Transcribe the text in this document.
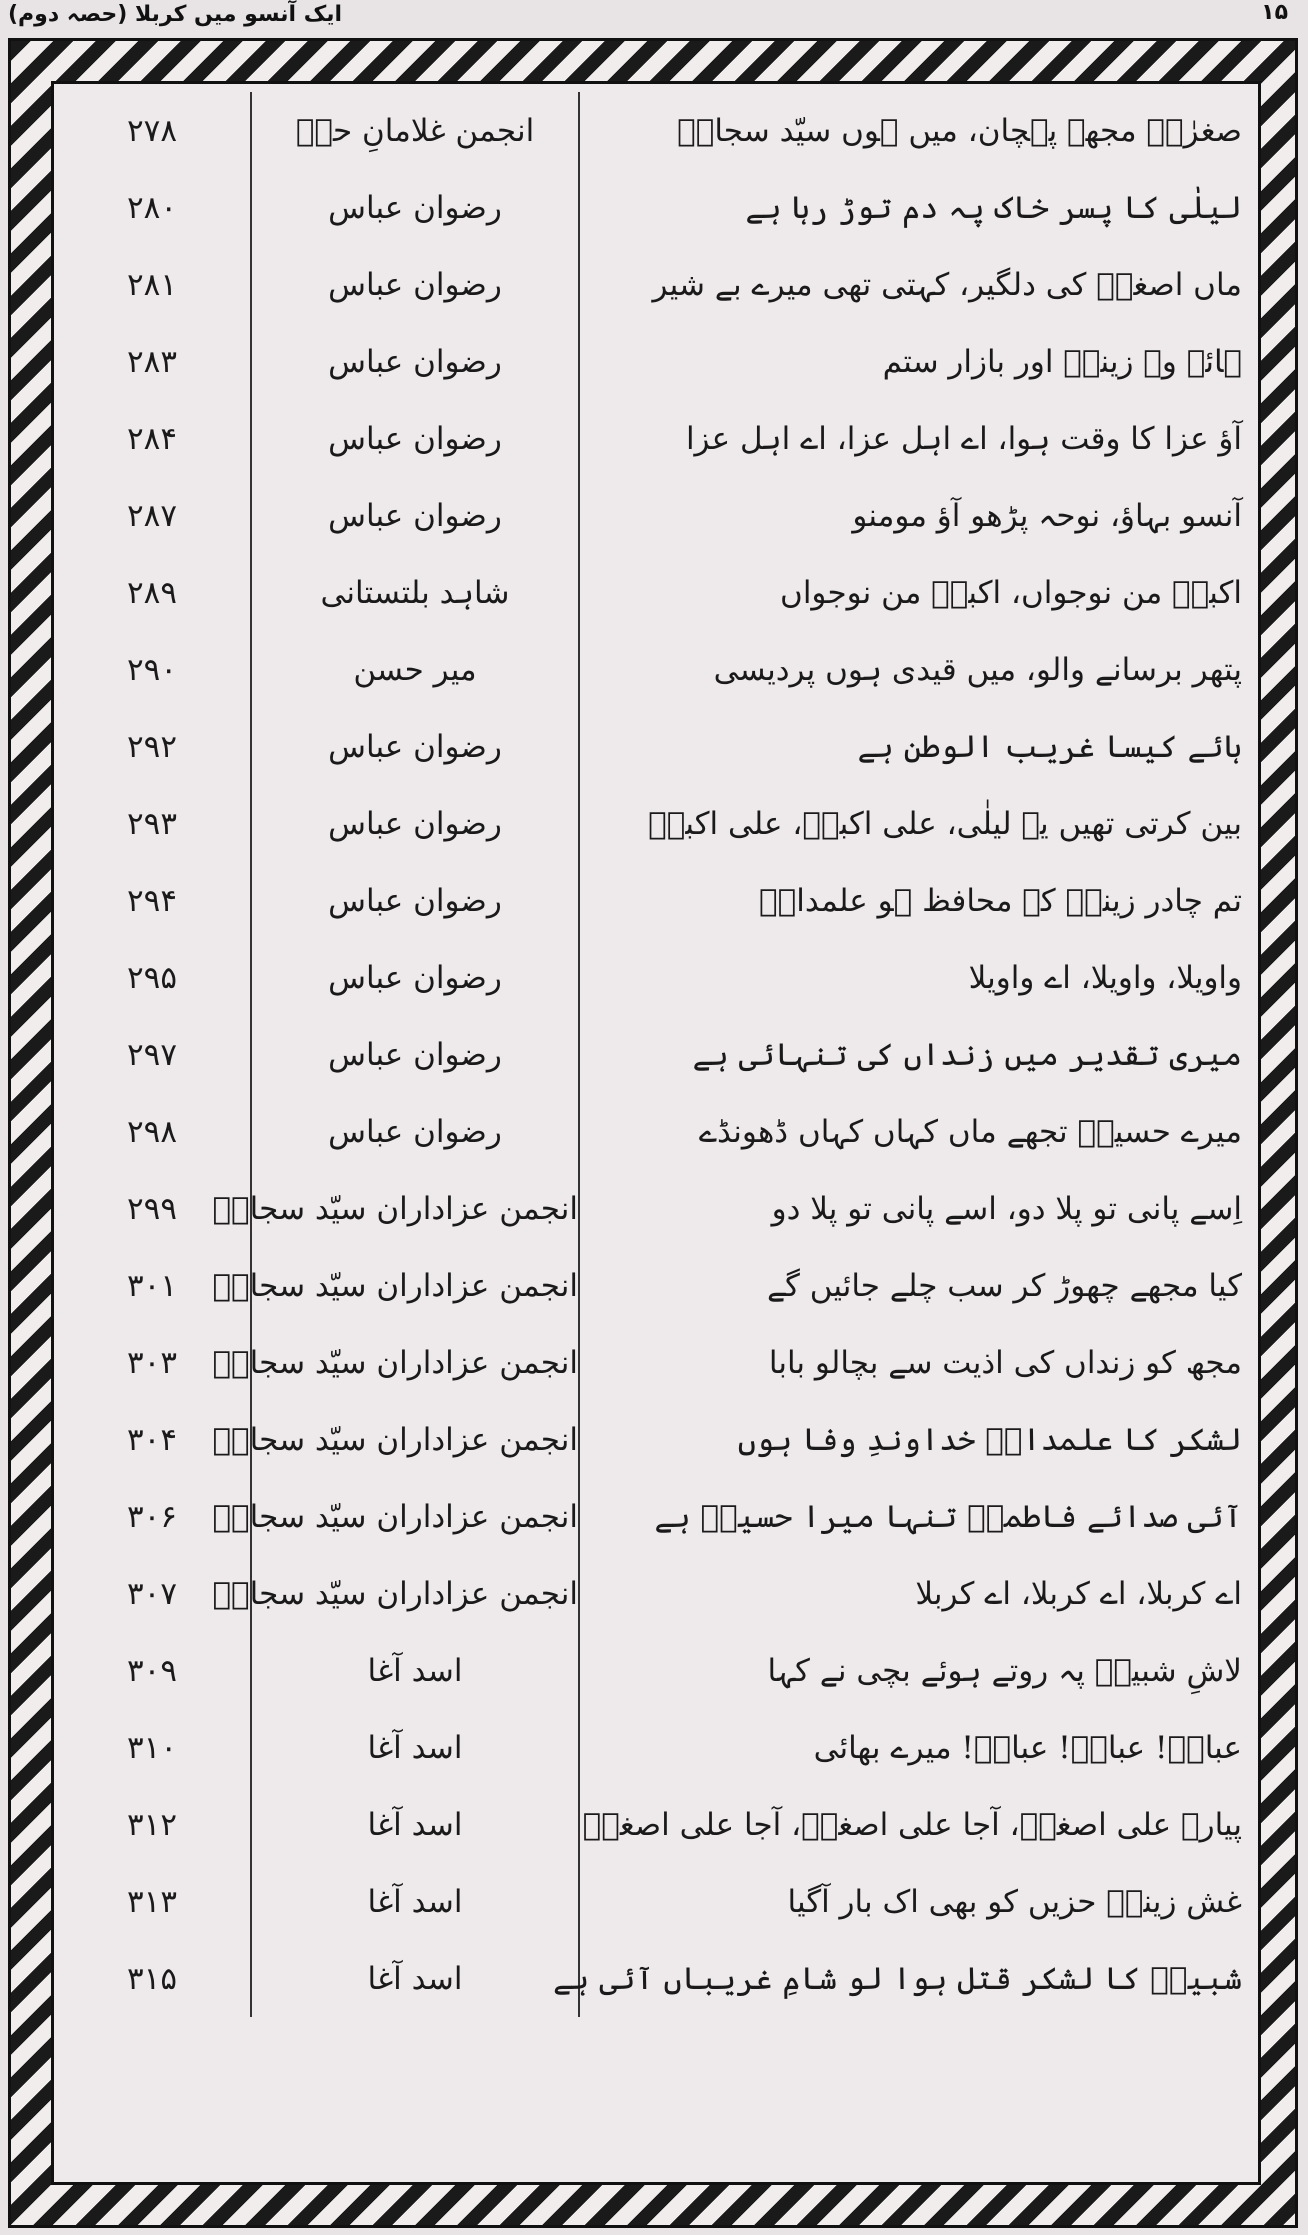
ایک آنسو میں کربلا (حصہ دوم)	۱۵
صغرٰیؑ مجھے پہچان، میں ہوں سیّد سجادؑ	انجمن غلامانِ حرؑ	۲۷۸
لیلٰی کا پسر خاک پہ دم توڑ رہا ہے	رضوان عباس	۲۸۰
ماں اصغرؑ کی دلگیر، کہتی تھی میرے بے شیر	رضوان عباس	۲۸۱
ہائے وہ زینبؑ اور بازار ستم	رضوان عباس	۲۸۳
آؤ عزا کا وقت ہوا، اے اہل عزا، اے اہل عزا	رضوان عباس	۲۸۴
آنسو بہاؤ، نوحہ پڑھو آؤ مومنو	رضوان عباس	۲۸۷
اکبرؑ من نوجواں، اکبرؑ من نوجواں	شاہد بلتستانی	۲۸۹
پتھر برسانے والو، میں قیدی ہوں پردیسی	میر حسن	۲۹۰
ہائے کیسا غریب الوطن ہے	رضوان عباس	۲۹۲
بین کرتی تھیں یہ لیلٰی، علی اکبرؑ، علی اکبرؑ	رضوان عباس	۲۹۳
تم چادر زینبؑ کے محافظ ہو علمدارؑ	رضوان عباس	۲۹۴
واویلا، واویلا، اے واویلا	رضوان عباس	۲۹۵
میری تقدیر میں زنداں کی تنہائی ہے	رضوان عباس	۲۹۷
میرے حسینؑ تجھے ماں کہاں کہاں ڈھونڈے	رضوان عباس	۲۹۸
اِسے پانی تو پلا دو، اسے پانی تو پلا دو	انجمن عزاداران سیّد سجادؑ	۲۹۹
کیا مجھے چھوڑ کر سب چلے جائیں گے	انجمن عزاداران سیّد سجادؑ	۳۰۱
مجھ کو زنداں کی اذیت سے بچالو بابا	انجمن عزاداران سیّد سجادؑ	۳۰۳
لشکر کا علمدارؑ خداوندِ وفا ہوں	انجمن عزاداران سیّد سجادؑ	۳۰۴
آئی صدائے فاطمہؑ تنہا میرا حسینؑ ہے	انجمن عزاداران سیّد سجادؑ	۳۰۶
اے کربلا، اے کربلا، اے کربلا	انجمن عزاداران سیّد سجادؑ	۳۰۷
لاشِ شبیرؑ پہ روتے ہوئے بچی نے کہا	اسد آغا	۳۰۹
عباسؑ! عباسؑ! عباسؑ! میرے بھائی	اسد آغا	۳۱۰
پیارے علی اصغرؑ، آجا علی اصغرؑ، آجا علی اصغرؑ	اسد آغا	۳۱۲
غش زینبؑ حزیں کو بھی اک بار آگیا	اسد آغا	۳۱۳
شبیرؑ کا لشکر قتل ہوا لو شامِ غریباں آئی ہے	اسد آغا	۳۱۵
